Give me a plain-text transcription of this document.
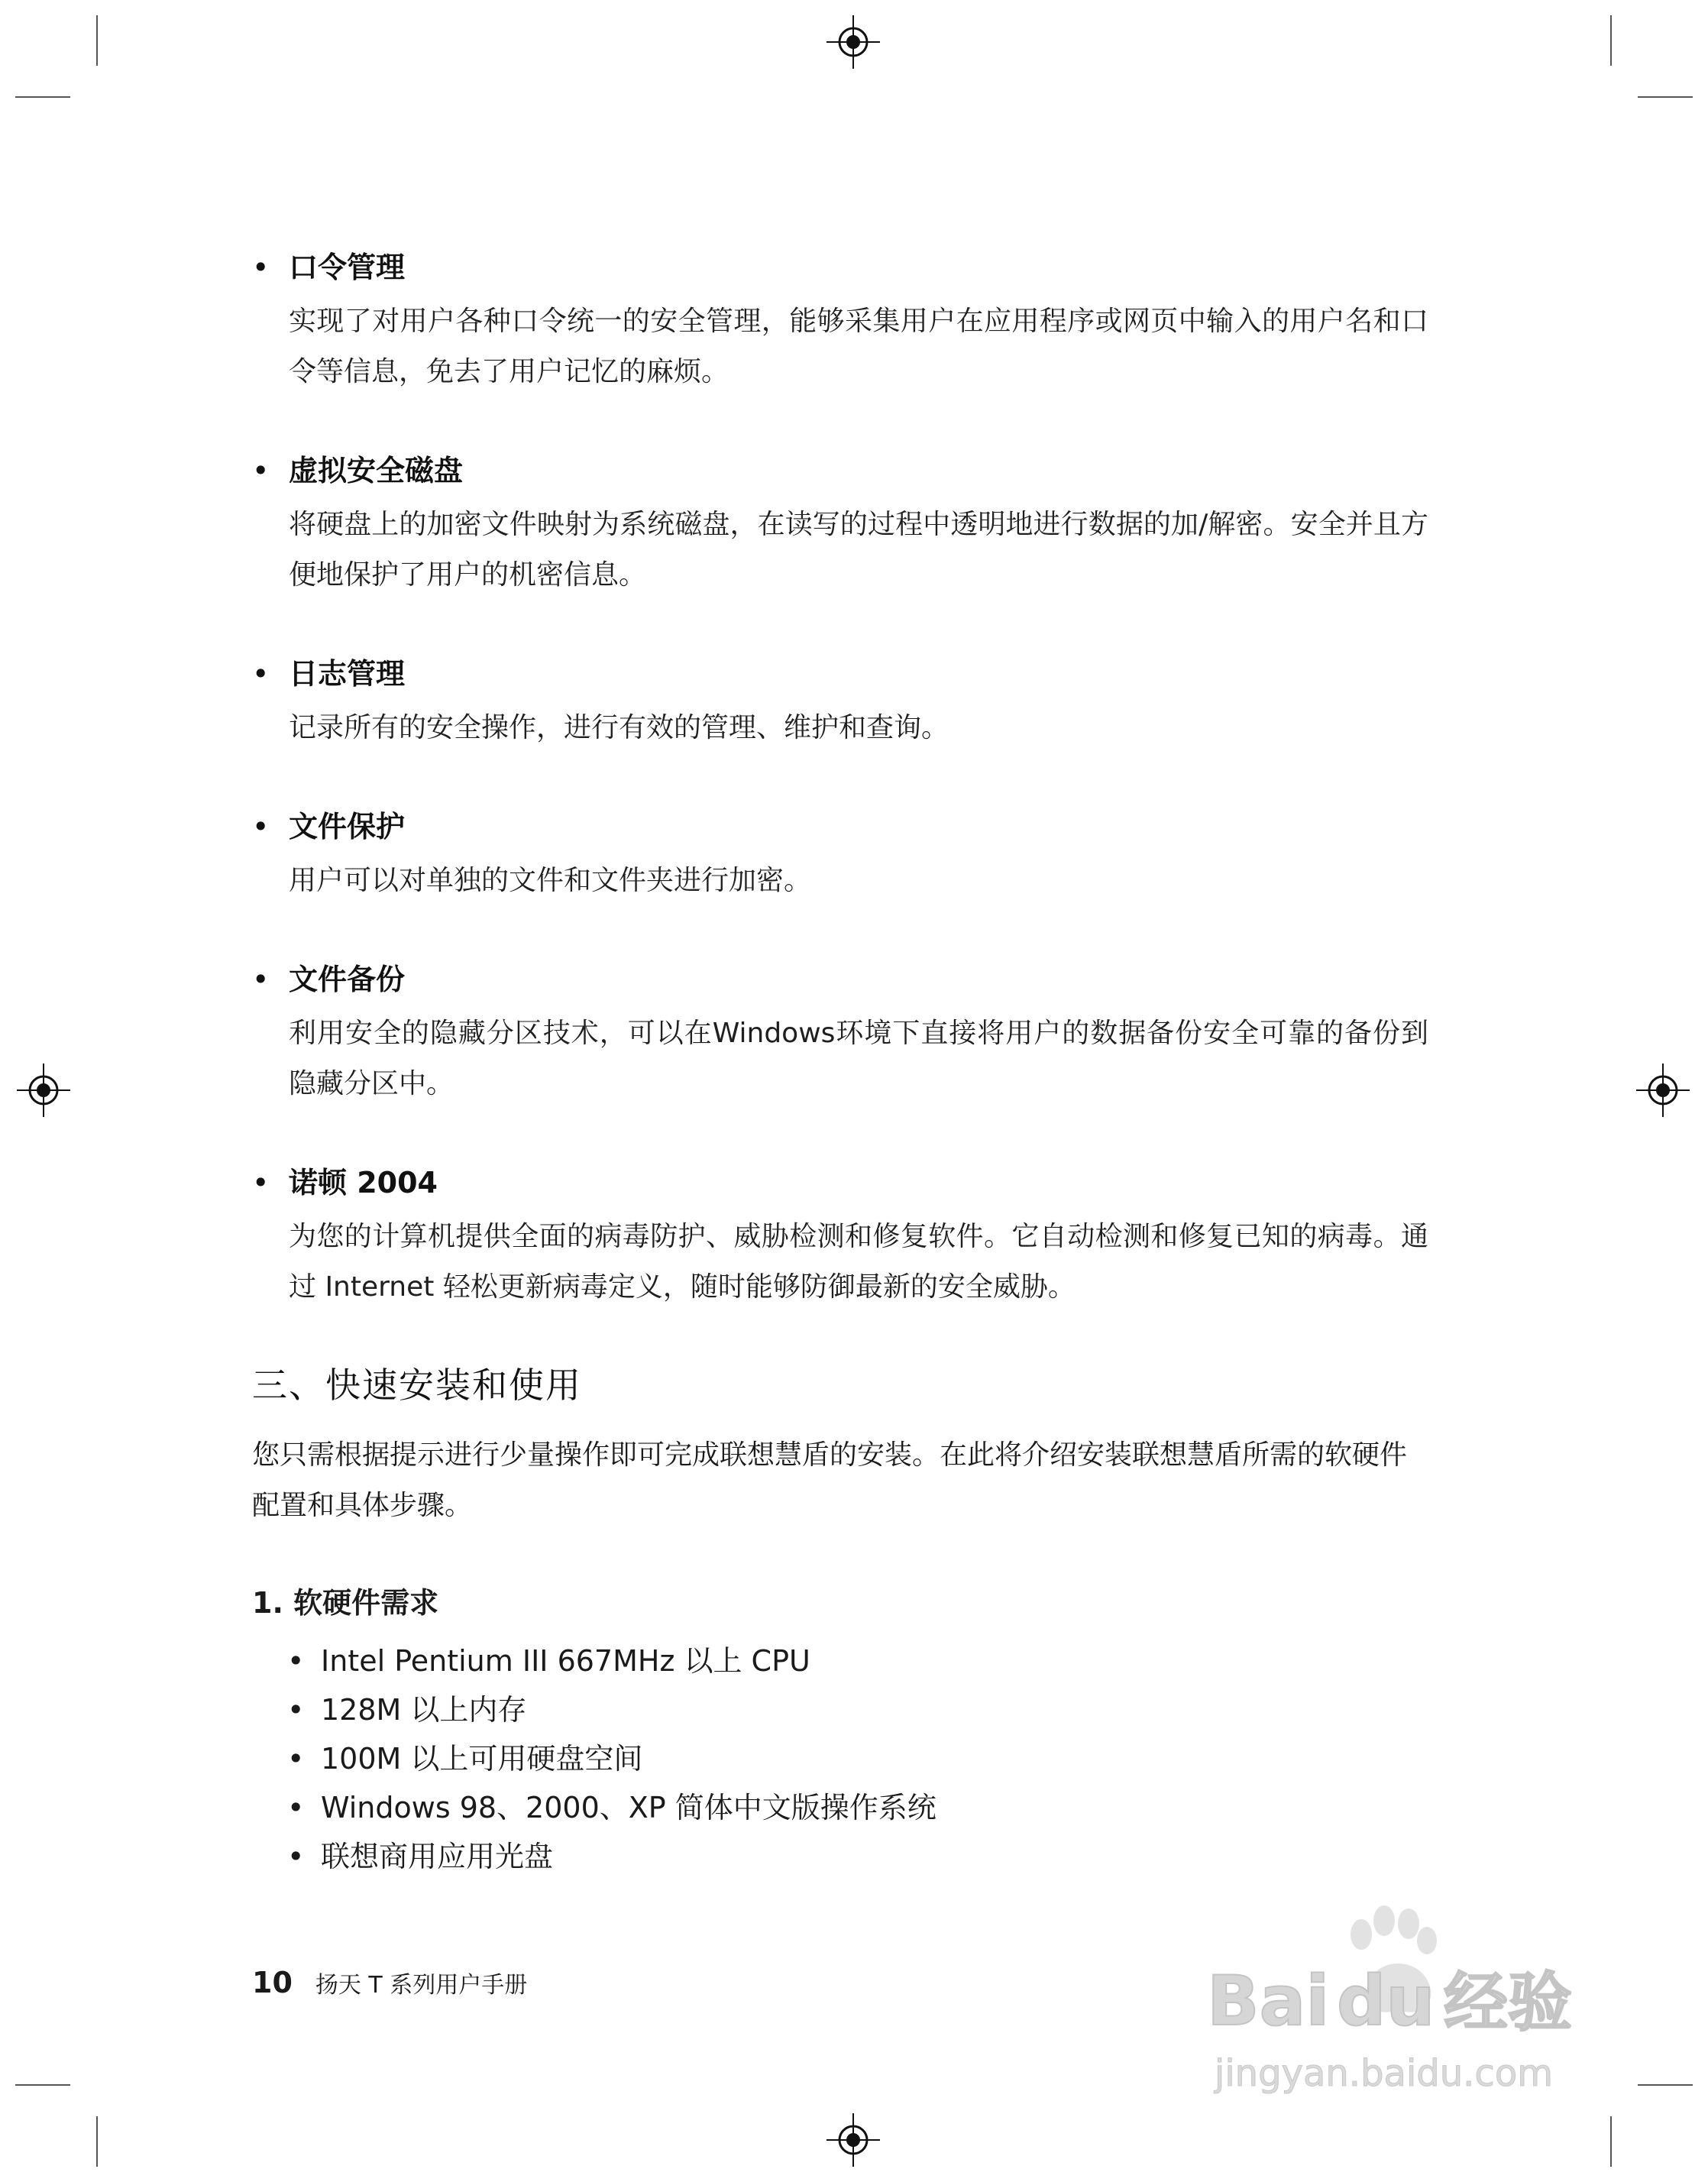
• 口令管理
实现了对用户各种口令统一的安全管理，能够采集用户在应用程序或网页中输入的用户名和口令等信息，免去了用户记忆的麻烦。
• 虚拟安全磁盘
将硬盘上的加密文件映射为系统磁盘，在读写的过程中透明地进行数据的加/解密。安全并且方便地保护了用户的机密信息。
• 日志管理
记录所有的安全操作，进行有效的管理、维护和查询。
• 文件保护
用户可以对单独的文件和文件夹进行加密。
• 文件备份
利用安全的隐藏分区技术，可以在Windows环境下直接将用户的数据备份安全可靠的备份到隐藏分区中。
• 诺顿 2004
为您的计算机提供全面的病毒防护、威胁检测和修复软件。它自动检测和修复已知的病毒。通过 Internet 轻松更新病毒定义，随时能够防御最新的安全威胁。
三、快速安装和使用
您只需根据提示进行少量操作即可完成联想慧盾的安装。在此将介绍安装联想慧盾所需的软硬件配置和具体步骤。
1. 软硬件需求
• Intel Pentium III 667MHz 以上 CPU
• 128M 以上内存
• 100M 以上可用硬盘空间
• Windows 98、2000、XP 简体中文版操作系统
• 联想商用应用光盘
10 扬天 T 系列用户手册	Bai du 经验
jingyan.baidu.com
